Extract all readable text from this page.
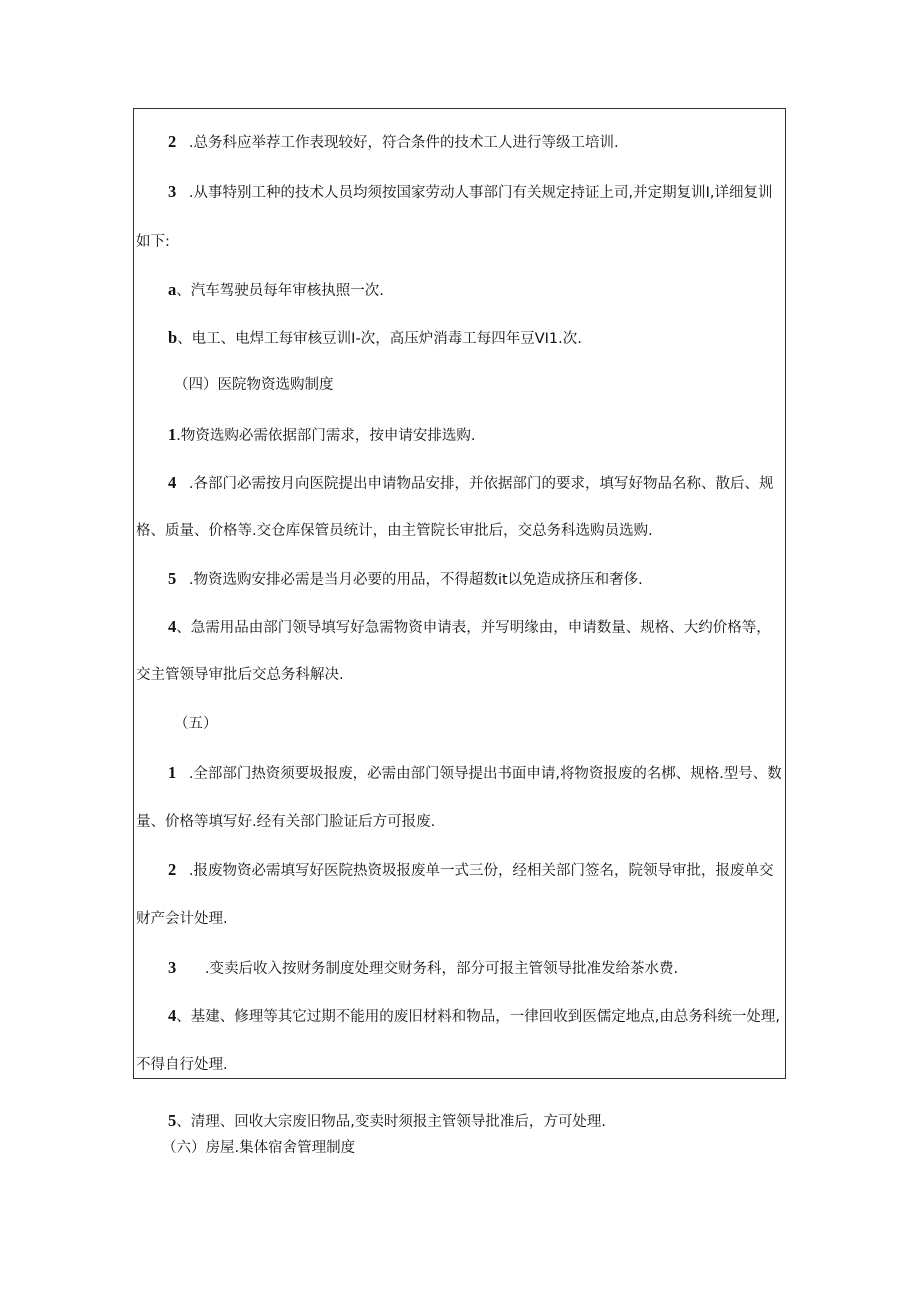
2 .总务科应举荐工作表现较好，符合条件的技术工人进行等级工培训.
3 .从事特别工种的技术人员均须按国家劳动人事部门有关规定持证上司,并定期复训I,详细复训
如下:
a、汽车驾驶员每年审核执照一次.
b、电工、电焊工每审核豆训I-次，高压炉消毒工每四年豆VI1.次.
（四）医院物资选购制度
1.物资选购必需依据部门需求，按申请安排选购.
4 .各部门必需按月向医院提出申请物品安排，并依据部门的要求，填写好物品名称、散后、规
格、质量、价格等.交仓库保管员统计，由主管院长审批后，交总务科选购员选购.
5 .物资选购安排必需是当月必要的用品，不得超数it以免造成挤压和奢侈.
4、急需用品由部门领导填写好急需物资申请表，并写明缘由，申请数量、规格、大约价格等，
交主管领导审批后交总务科解决.
（五）
1 .全部部门热资须要圾报废，必需由部门领导提出书面申请,将物资报废的名梆、规格.型号、数
量、价格等填写好.经有关部门脸证后方可报废.
2 .报废物资必需填写好医院热资圾报废单一式三份，经相关部门签名，院领导审批，报废单交
财产会计处理.
3 .变卖后收入按财务制度处理交财务科，部分可报主管领导批准发给茶水费.
4、基建、修理等其它过期不能用的废旧材料和物品，一律回收到医儒定地点,由总务科统一处理,
不得自行处理.
5、清理、回收大宗废旧物品,变卖时须报主管领导批准后，方可处理.
（六）房屋.集体宿舍管理制度
